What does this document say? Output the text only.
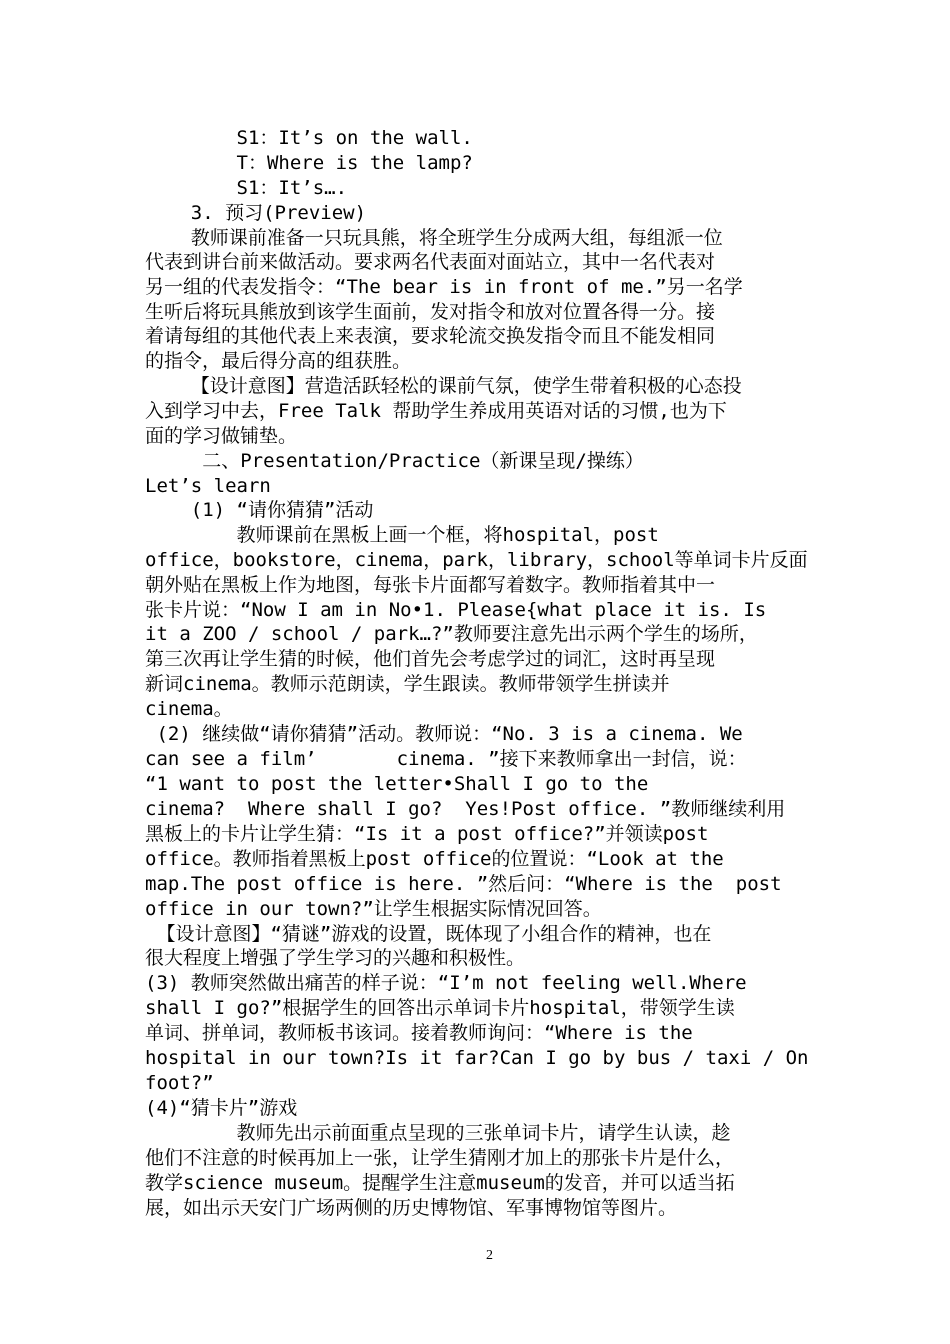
S1：It’s on the wall.
T：Where is the lamp?
S1：It’s….
3. 预习(Preview)
教师课前准备一只玩具熊，将全班学生分成两大组，每组派一位
代表到讲台前来做活动。要求两名代表面对面站立，其中一名代表对
另一组的代表发指令：“The bear is in front of me.”另一名学
生听后将玩具熊放到该学生面前，发对指令和放对位置各得一分。接
着请每组的其他代表上来表演，要求轮流交换发指令而且不能发相同
的指令，最后得分高的组获胜。
【设计意图】营造活跃轻松的课前气氛，使学生带着积极的心态投
入到学习中去，Free Talk 帮助学生养成用英语对话的习惯,也为下
面的学习做铺垫。
二、Presentation/Practice（新课呈现/操练）
Let’s learn
(1) “请你猜猜”活动
教师课前在黑板上画一个框，将hospital，post
office，bookstore，cinema，park，library，school等单词卡片反面
朝外贴在黑板上作为地图，每张卡片面都写着数字。教师指着其中一
张卡片说：“Now I am in No•1. Please{what place it is. Is
it a ZOO / school / park…?”教师要注意先出示两个学生的场所，
第三次再让学生猜的时候，他们首先会考虑学过的词汇，这时再呈现
新词cinema。教师示范朗读，学生跟读。教师带领学生拼读并
cinema。
(2) 继续做“请你猜猜”活动。教师说：“No. 3 is a cinema. We
can see a film’       cinema. ”接下来教师拿出一封信，说：
“1 want to post the letter•Shall I go to the
cinema?  Where shall I go?  Yes!Post office. ”教师继续利用
黑板上的卡片让学生猜：“Is it a post office?”并领读post
office。教师指着黑板上post office的位置说：“Look at the
map.The post office is here. ”然后问：“Where is the  post
office in our town?”让学生根据实际情况回答。
【设计意图】“猜谜”游戏的设置，既体现了小组合作的精神，也在
很大程度上增强了学生学习的兴趣和积极性。
(3) 教师突然做出痛苦的样子说：“I’m not feeling well.Where
shall I go?”根据学生的回答出示单词卡片hospital，带领学生读
单词、拼单词，教师板书该词。接着教师询问：“Where is the
hospital in our town?Is it far?Can I go by bus / taxi / On
foot?”
(4)“猜卡片”游戏
教师先出示前面重点呈现的三张单词卡片，请学生认读，趁
他们不注意的时候再加上一张，让学生猜刚才加上的那张卡片是什么，
教学science museum。提醒学生注意museum的发音，并可以适当拓
展，如出示天安门广场两侧的历史博物馆、军事博物馆等图片。
2
